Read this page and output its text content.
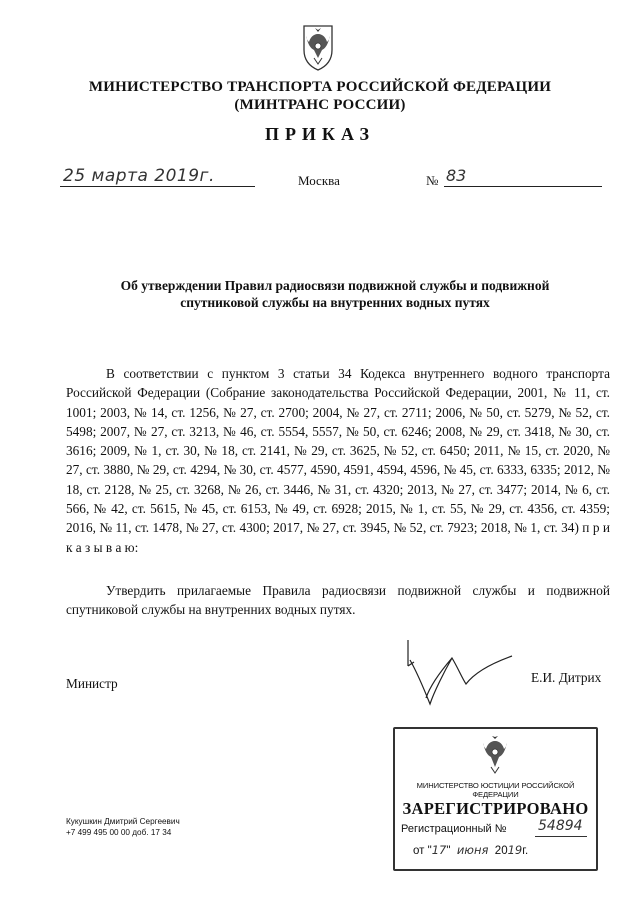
МИНИСТЕРСТВО ТРАНСПОРТА РОССИЙСКОЙ ФЕДЕРАЦИИ
(МИНТРАНС РОССИИ)
ПРИКАЗ
25 марта 2019г.	Москва	№ 83
Об утверждении Правил радиосвязи подвижной службы и подвижной спутниковой службы на внутренних водных путях
В соответствии с пунктом 3 статьи 34 Кодекса внутреннего водного транспорта Российской Федерации (Собрание законодательства Российской Федерации, 2001, № 11, ст. 1001; 2003, № 14, ст. 1256, № 27, ст. 2700; 2004, № 27, ст. 2711; 2006, № 50, ст. 5279, № 52, ст. 5498; 2007, № 27, ст. 3213, № 46, ст. 5554, 5557, № 50, ст. 6246; 2008, № 29, ст. 3418, № 30, ст. 3616; 2009, № 1, ст. 30, № 18, ст. 2141, № 29, ст. 3625, № 52, ст. 6450; 2011, № 15, ст. 2020, № 27, ст. 3880, № 29, ст. 4294, № 30, ст. 4577, 4590, 4591, 4594, 4596, № 45, ст. 6333, 6335; 2012, № 18, ст. 2128, № 25, ст. 3268, № 26, ст. 3446, № 31, ст. 4320; 2013, № 27, ст. 3477; 2014, № 6, ст. 566, № 42, ст. 5615, № 45, ст. 6153, № 49, ст. 6928; 2015, № 1, ст. 55, № 29, ст. 4356, ст. 4359; 2016, № 11, ст. 1478, № 27, ст. 4300; 2017, № 27, ст. 3945, № 52, ст. 7923; 2018, № 1, ст. 34) п р и к а з ы в а ю:
Утвердить прилагаемые Правила радиосвязи подвижной службы и подвижной спутниковой службы на внутренних водных путях.
Министр	Е.И. Дитрих
МИНИСТЕРСТВО ЮСТИЦИИ РОССИЙСКОЙ ФЕДЕРАЦИИ
ЗАРЕГИСТРИРОВАНО
Регистрационный № 54894
от "17" июня 2019г.
Кукушкин Дмитрий Сергеевич
+7 499 495 00 00 доб. 17 34
